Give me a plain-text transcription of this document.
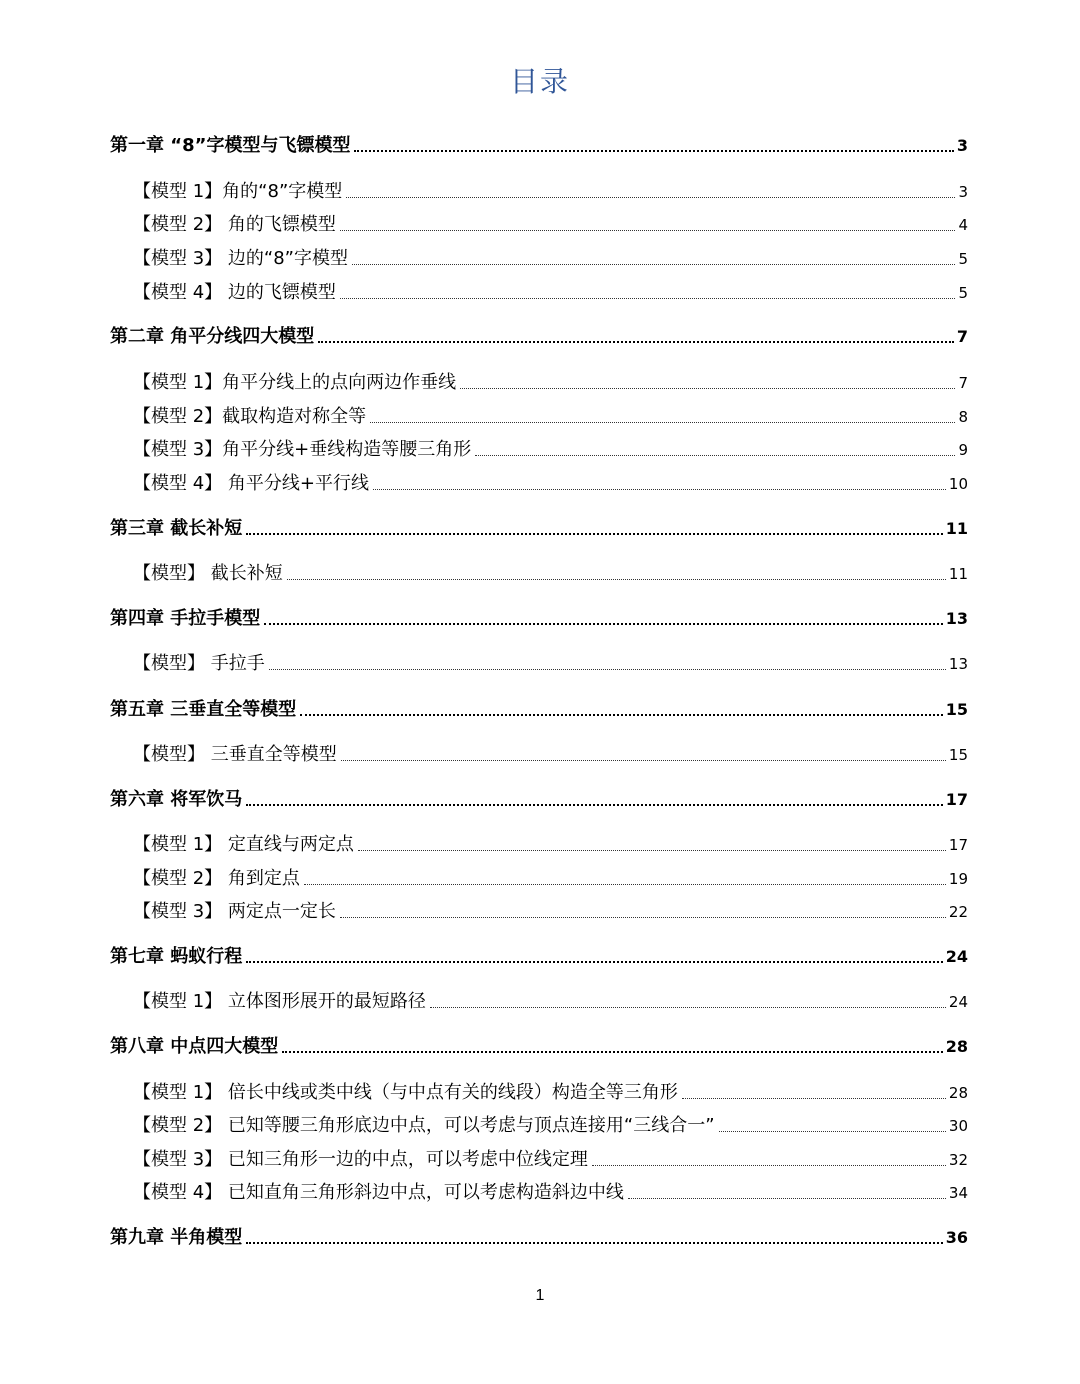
目录
第一章 “8”字模型与飞镖模型	3
【模型 1】角的“8”字模型	3
【模型 2】 角的飞镖模型	4
【模型 3】 边的“8”字模型	5
【模型 4】 边的飞镖模型	5
第二章 角平分线四大模型	7
【模型 1】角平分线上的点向两边作垂线	7
【模型 2】截取构造对称全等	8
【模型 3】角平分线+垂线构造等腰三角形	9
【模型 4】 角平分线+平行线	10
第三章 截长补短	11
【模型】 截长补短	11
第四章 手拉手模型	13
【模型】 手拉手	13
第五章 三垂直全等模型	15
【模型】 三垂直全等模型	15
第六章 将军饮马	17
【模型 1】 定直线与两定点	17
【模型 2】 角到定点	19
【模型 3】 两定点一定长	22
第七章 蚂蚁行程	24
【模型 1】 立体图形展开的最短路径	24
第八章 中点四大模型	28
【模型 1】 倍长中线或类中线（与中点有关的线段）构造全等三角形	28
【模型 2】 已知等腰三角形底边中点，可以考虑与顶点连接用“三线合一”	30
【模型 3】 已知三角形一边的中点，可以考虑中位线定理	32
【模型 4】 已知直角三角形斜边中点，可以考虑构造斜边中线	34
第九章 半角模型	36
1
